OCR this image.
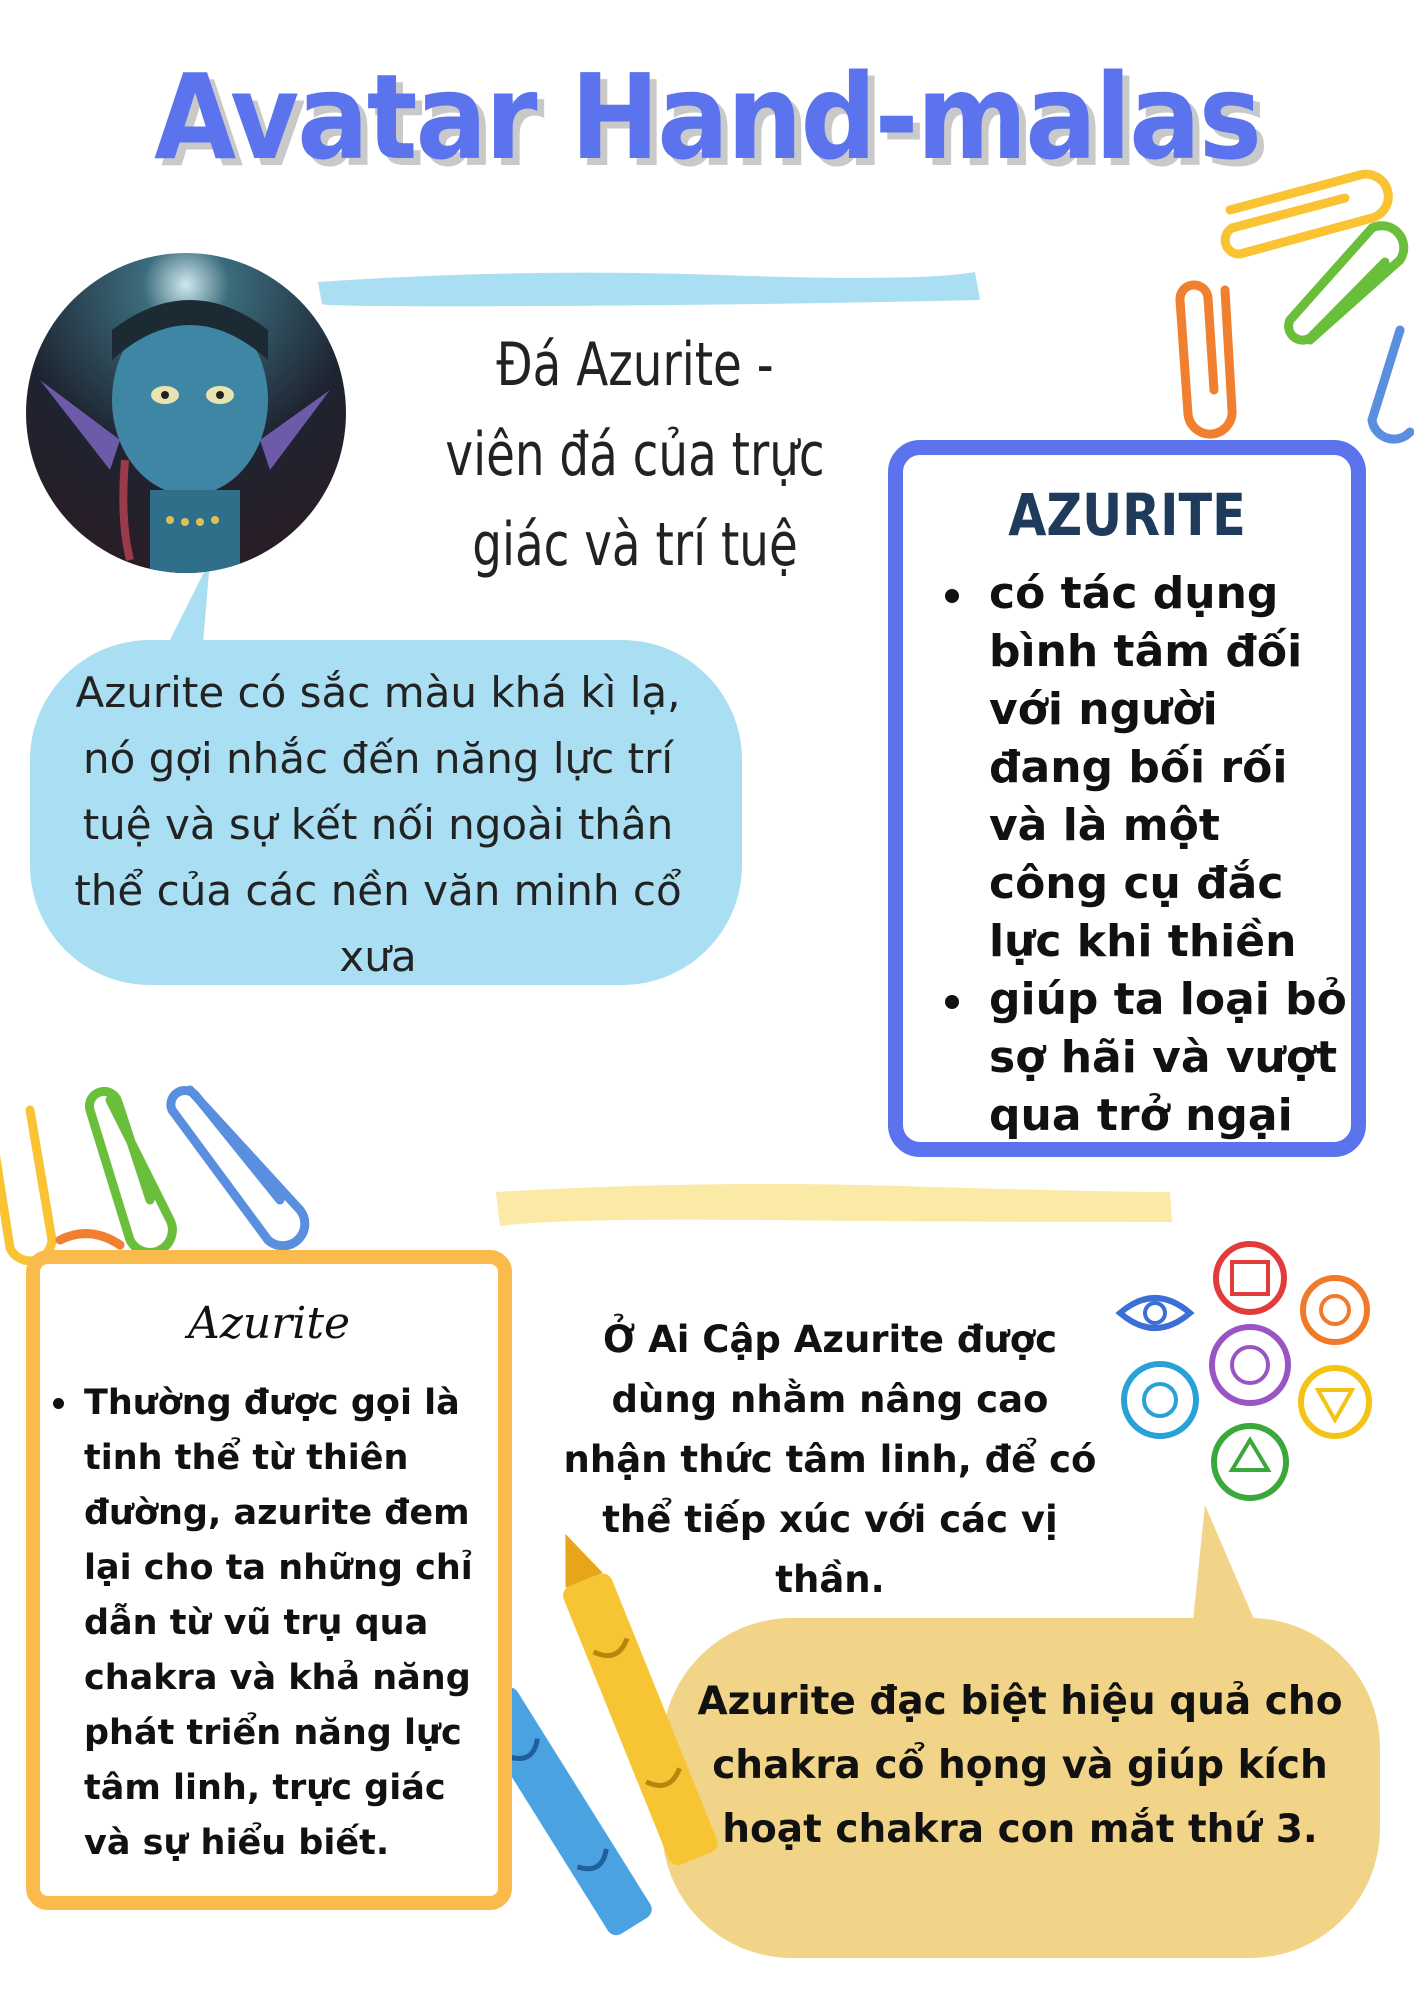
Avatar Hand-malas
Đá Azurite -
viên đá của trực
giác và trí tuệ
Azurite có sắc màu khá kì lạ, nó gợi nhắc đến năng lực trí tuệ và sự kết nối ngoài thân thể của các nền văn minh cổ xưa
AZURITE
có tác dụng bình tâm đối với người đang bối rối và là một công cụ đắc lực khi thiền
giúp ta loại bỏ sợ hãi và vượt qua trở ngại
Azurite
Thường được gọi là tinh thể từ thiên đường, azurite đem lại cho ta những chỉ dẫn từ vũ trụ qua chakra và khả năng phát triển năng lực tâm linh, trực giác và sự hiểu biết.
Ở Ai Cập Azurite được dùng nhằm nâng cao nhận thức tâm linh, để có thể tiếp xúc với các vị thần.
Azurite đạc biệt hiệu quả cho chakra cổ họng và giúp kích hoạt chakra con mắt thứ 3.
